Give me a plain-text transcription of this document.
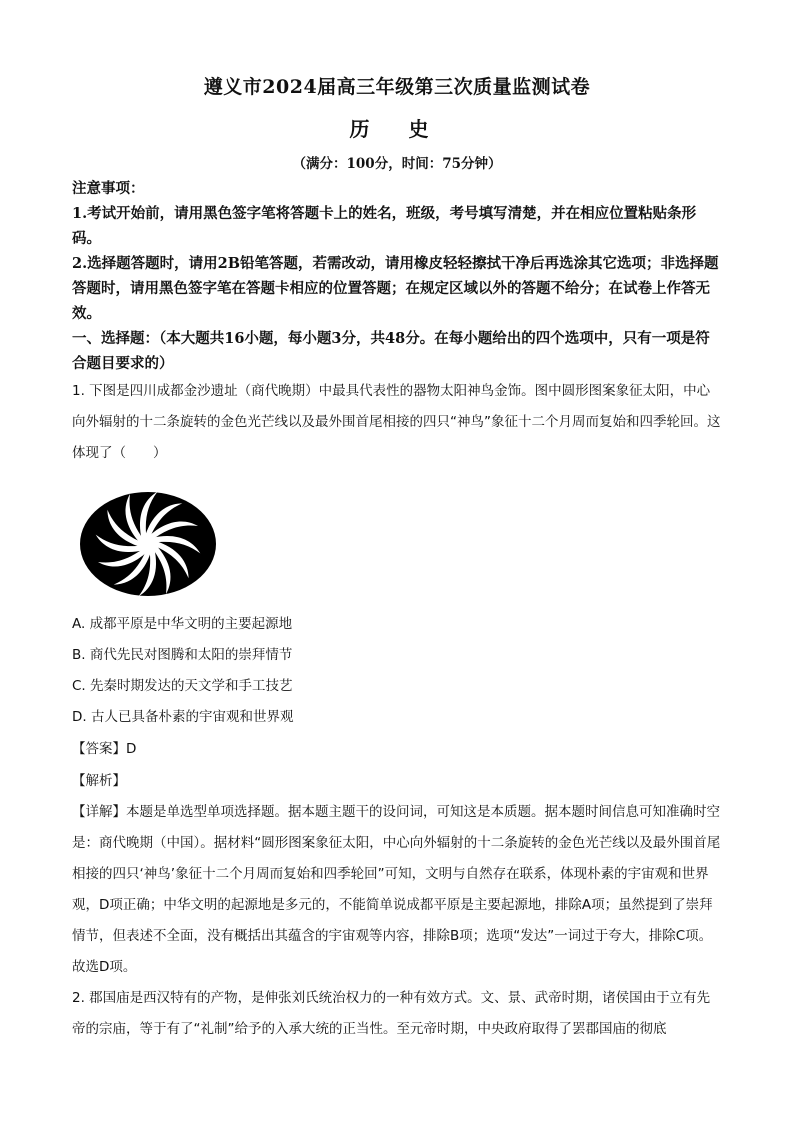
遵义市2024届高三年级第三次质量监测试卷
历 史
（满分：100分，时间：75分钟）

注意事项：

1.考试开始前，请用黑色签字笔将答题卡上的姓名，班级，考号填写清楚，并在相应位置粘贴条形码。

2.选择题答题时，请用2B铅笔答题，若需改动，请用橡皮轻轻擦拭干净后再选涂其它选项；非选择题答题时，请用黑色签字笔在答题卡相应的位置答题；在规定区域以外的答题不给分；在试卷上作答无效。

一、选择题：（本大题共16小题，每小题3分，共48分。在每小题给出的四个选项中，只有一项是符合题目要求的）

1. 下图是四川成都金沙遗址（商代晚期）中最具代表性的器物太阳神鸟金饰。图中圆形图案象征太阳，中心向外辐射的十二条旋转的金色光芒线以及最外围首尾相接的四只“神鸟”象征十二个月周而复始和四季轮回。这体现了（　　）

A. 成都平原是中华文明的主要起源地

B. 商代先民对图腾和太阳的崇拜情节

C. 先秦时期发达的天文学和手工技艺

D. 古人已具备朴素的宇宙观和世界观

【答案】D

【解析】

【详解】本题是单选型单项选择题。据本题主题干的设问词，可知这是本质题。据本题时间信息可知准确时空是：商代晚期（中国）。据材料“圆形图案象征太阳，中心向外辐射的十二条旋转的金色光芒线以及最外围首尾相接的四只‘神鸟’象征十二个月周而复始和四季轮回”可知，文明与自然存在联系，体现朴素的宇宙观和世界观，D项正确；中华文明的起源地是多元的，不能简单说成都平原是主要起源地，排除A项；虽然提到了崇拜情节，但表述不全面，没有概括出其蕴含的宇宙观等内容，排除B项；选项“发达”一词过于夸大，排除C项。故选D项。

2. 郡国庙是西汉特有的产物，是伸张刘氏统治权力的一种有效方式。文、景、武帝时期，诸侯国由于立有先帝的宗庙，等于有了“礼制”给予的入承大统的正当性。至元帝时期，中央政府取得了罢郡国庙的彻底
